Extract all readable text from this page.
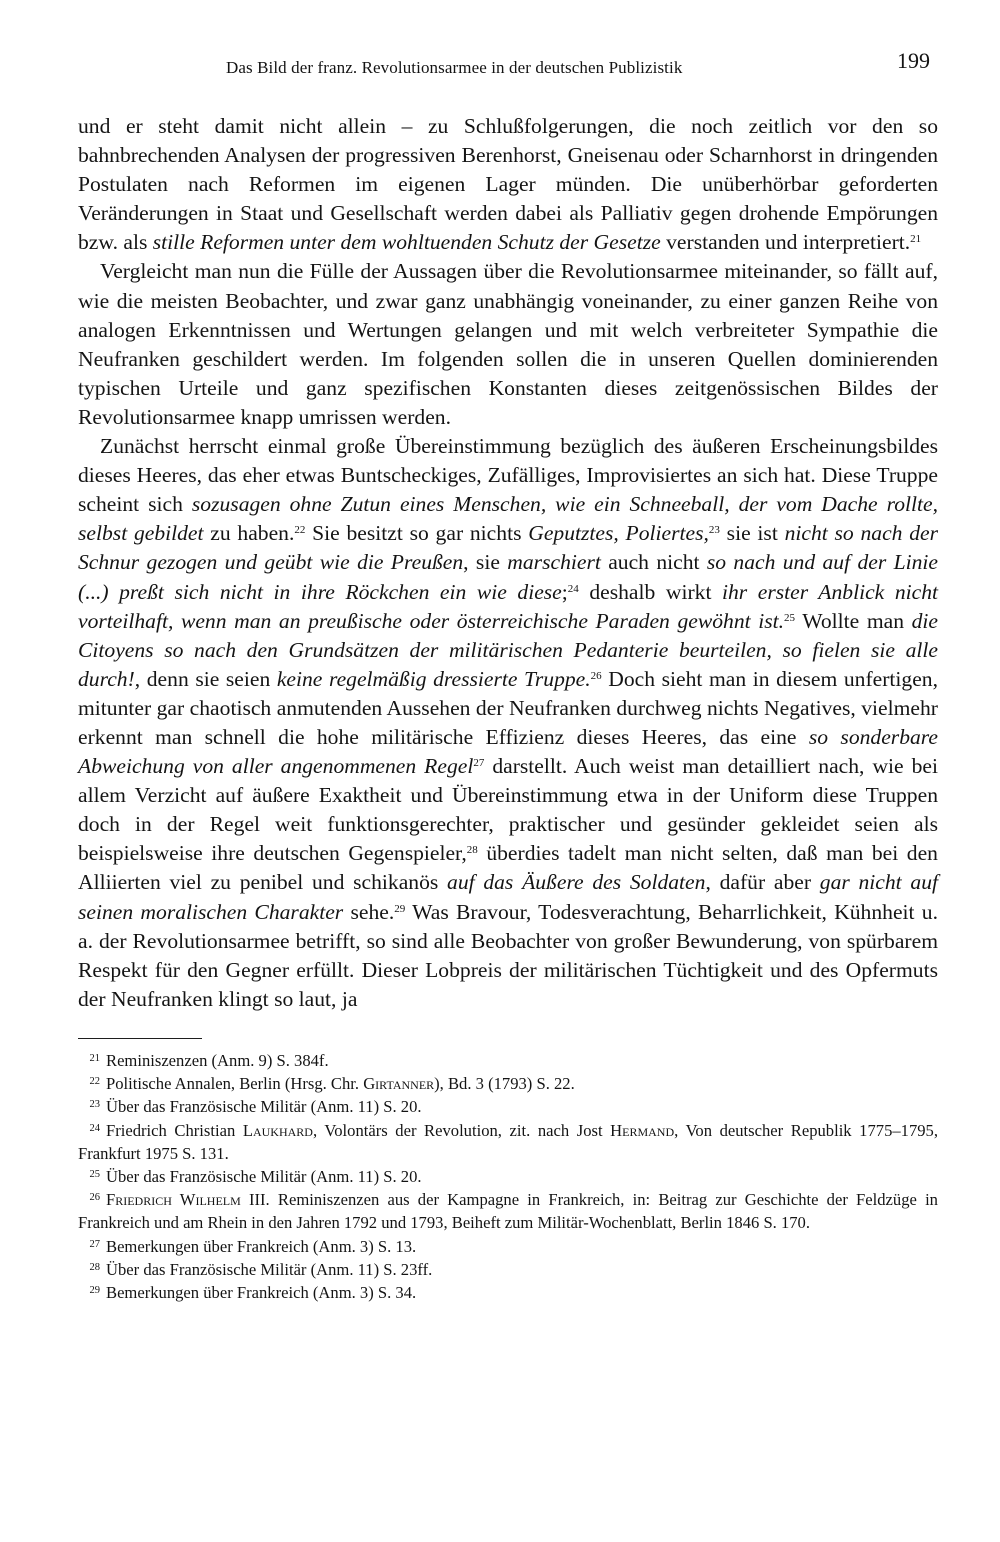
Das Bild der franz. Revolutionsarmee in der deutschen Publizistik	199

und er steht damit nicht allein – zu Schlußfolgerungen, die noch zeitlich vor den so bahnbrechenden Analysen der progressiven Berenhorst, Gneisenau oder Scharnhorst in dringenden Postulaten nach Reformen im eigenen Lager münden. Die unüberhörbar geforderten Veränderungen in Staat und Gesellschaft werden dabei als Palliativ gegen drohende Empörungen bzw. als stille Reformen unter dem wohltuenden Schutz der Gesetze verstanden und interpretiert.$^{21}$

Vergleicht man nun die Fülle der Aussagen über die Revolutionsarmee miteinander, so fällt auf, wie die meisten Beobachter, und zwar ganz unabhängig voneinander, zu einer ganzen Reihe von analogen Erkenntnissen und Wertungen gelangen und mit welch verbreiteter Sympathie die Neufranken geschildert werden. Im folgenden sollen die in unseren Quellen dominierenden typischen Urteile und ganz spezifischen Konstanten dieses zeitgenössischen Bildes der Revolutionsarmee knapp umrissen werden.

Zunächst herrscht einmal große Übereinstimmung bezüglich des äußeren Erscheinungsbildes dieses Heeres, das eher etwas Buntscheckiges, Zufälliges, Improvisiertes an sich hat. Diese Truppe scheint sich sozusagen ohne Zutun eines Menschen, wie ein Schneeball, der vom Dache rollte, selbst gebildet zu haben.$^{22}$ Sie besitzt so gar nichts Geputztes, Poliertes,$^{23}$ sie ist nicht so nach der Schnur gezogen und geübt wie die Preußen, sie marschiert auch nicht so nach und auf der Linie (...) preßt sich nicht in ihre Röckchen ein wie diese;$^{24}$ deshalb wirkt ihr erster Anblick nicht vorteilhaft, wenn man an preußische oder österreichische Paraden gewöhnt ist.$^{25}$ Wollte man die Citoyens so nach den Grundsätzen der militärischen Pedanterie beurteilen, so fielen sie alle durch!, denn sie seien keine regelmäßig dressierte Truppe.$^{26}$ Doch sieht man in diesem unfertigen, mitunter gar chaotisch anmutenden Aussehen der Neufranken durchweg nichts Negatives, vielmehr erkennt man schnell die hohe militärische Effizienz dieses Heeres, das eine so sonderbare Abweichung von aller angenommenen Regel$^{27}$ darstellt. Auch weist man detailliert nach, wie bei allem Verzicht auf äußere Exaktheit und Übereinstimmung etwa in der Uniform diese Truppen doch in der Regel weit funktionsgerechter, praktischer und gesünder gekleidet seien als beispielsweise ihre deutschen Gegenspieler,$^{28}$ überdies tadelt man nicht selten, daß man bei den Alliierten viel zu penibel und schikanös auf das Äußere des Soldaten, dafür aber gar nicht auf seinen moralischen Charakter sehe.$^{29}$ Was Bravour, Todesverachtung, Beharrlichkeit, Kühnheit u. a. der Revolutionsarmee betrifft, so sind alle Beobachter von großer Bewunderung, von spürbarem Respekt für den Gegner erfüllt. Dieser Lobpreis der militärischen Tüchtigkeit und des Opfermuts der Neufranken klingt so laut, ja

21 Reminiszenzen (Anm. 9) S. 384f.

22 Politische Annalen, Berlin (Hrsg. Chr. Girtanner), Bd. 3 (1793) S. 22.

23 Über das Französische Militär (Anm. 11) S. 20.

24 Friedrich Christian Laukhard, Volontärs der Revolution, zit. nach Jost Hermand, Von deutscher Republik 1775–1795, Frankfurt 1975 S. 131.

25 Über das Französische Militär (Anm. 11) S. 20.

26 Friedrich Wilhelm III. Reminiszenzen aus der Kampagne in Frankreich, in: Beitrag zur Geschichte der Feldzüge in Frankreich und am Rhein in den Jahren 1792 und 1793, Beiheft zum Militär-Wochenblatt, Berlin 1846 S. 170.

27 Bemerkungen über Frankreich (Anm. 3) S. 13.

28 Über das Französische Militär (Anm. 11) S. 23ff.

29 Bemerkungen über Frankreich (Anm. 3) S. 34.
